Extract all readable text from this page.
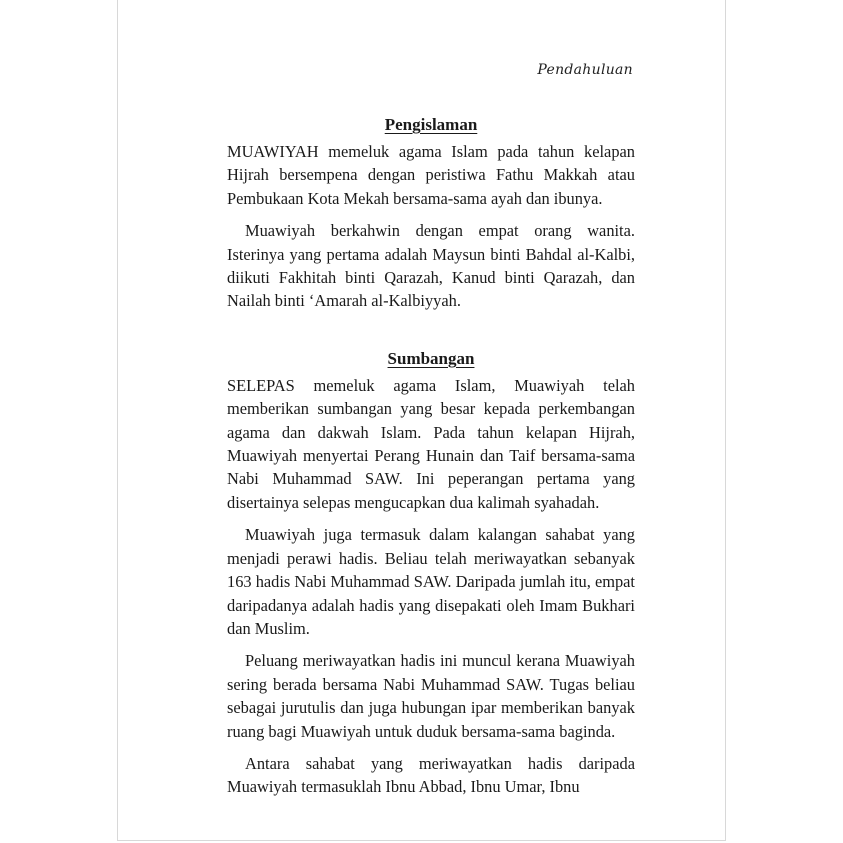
Pendahuluan
Pengislaman

MUAWIYAH memeluk agama Islam pada tahun kelapan Hijrah bersempena dengan peristiwa Fathu Makkah atau Pembukaan Kota Mekah bersama-sama ayah dan ibunya.

Muawiyah berkahwin dengan empat orang wanita. Isterinya yang pertama adalah Maysun binti Bahdal al-Kalbi, diikuti Fakhitah binti Qarazah, Kanud binti Qarazah, dan Nailah binti ‘Amarah al-Kalbiyyah.

Sumbangan

SELEPAS memeluk agama Islam, Muawiyah telah memberikan sumbangan yang besar kepada perkembangan agama dan dakwah Islam. Pada tahun kelapan Hijrah, Muawiyah menyertai Perang Hunain dan Taif bersama-sama Nabi Muhammad SAW. Ini peperangan pertama yang disertainya selepas mengucapkan dua kalimah syahadah.

Muawiyah juga termasuk dalam kalangan sahabat yang menjadi perawi hadis. Beliau telah meriwayatkan sebanyak 163 hadis Nabi Muhammad SAW. Daripada jumlah itu, empat daripadanya adalah hadis yang disepakati oleh Imam Bukhari dan Muslim.

Peluang meriwayatkan hadis ini muncul kerana Muawiyah sering berada bersama Nabi Muhammad SAW. Tugas beliau sebagai jurutulis dan juga hubungan ipar memberikan banyak ruang bagi Muawiyah untuk duduk bersama-sama baginda.

Antara sahabat yang meriwayatkan hadis daripada Muawiyah termasuklah Ibnu Abbad, Ibnu Umar, Ibnu
